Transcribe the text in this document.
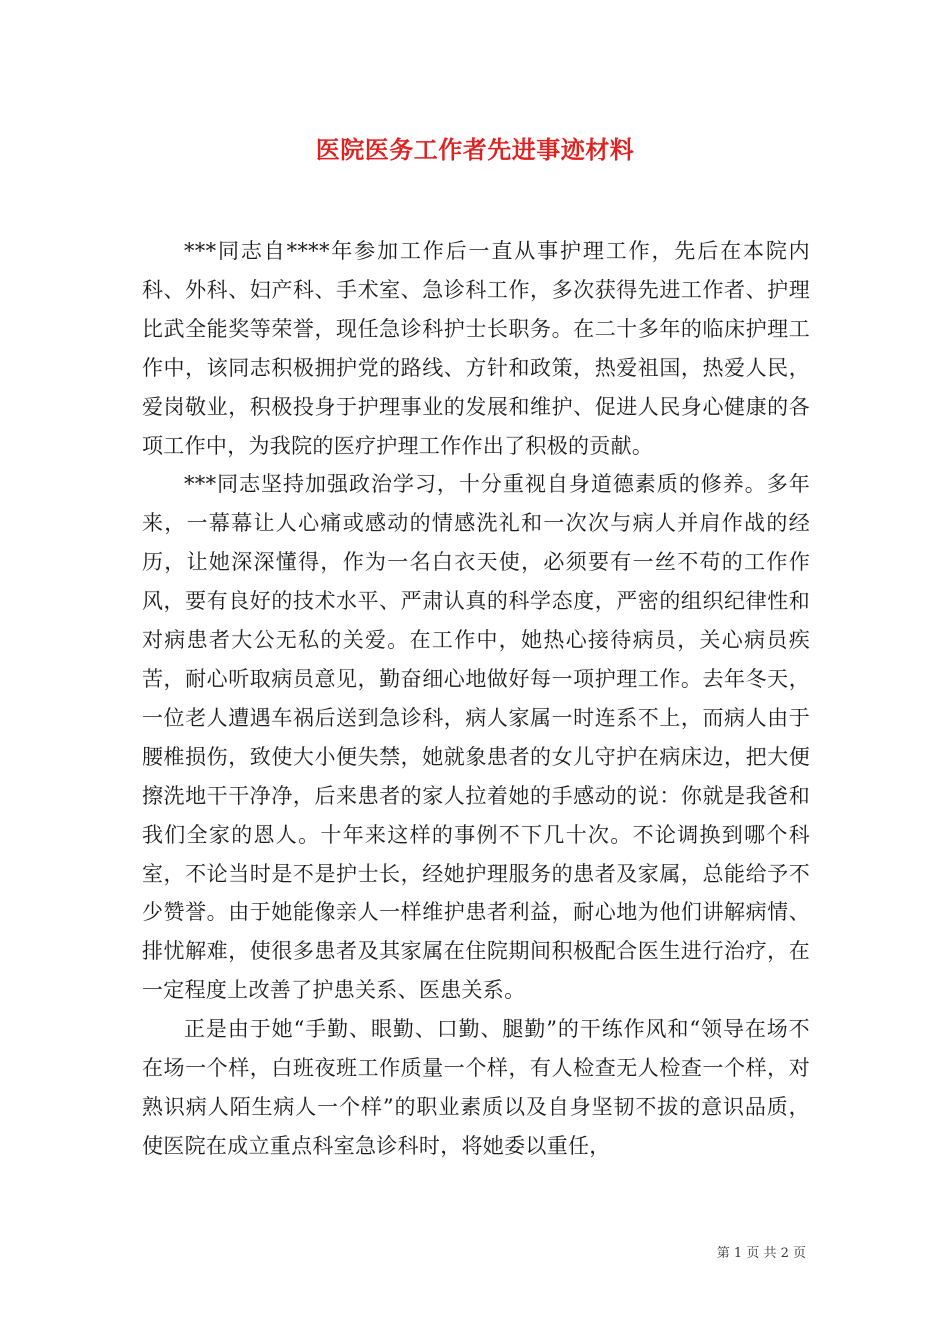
医院医务工作者先进事迹材料

***同志自****年参加工作后一直从事护理工作，先后在本院内科、外科、妇产科、手术室、急诊科工作，多次获得先进工作者、护理比武全能奖等荣誉，现任急诊科护士长职务。在二十多年的临床护理工作中，该同志积极拥护党的路线、方针和政策，热爱祖国，热爱人民，爱岗敬业，积极投身于护理事业的发展和维护、促进人民身心健康的各项工作中，为我院的医疗护理工作作出了积极的贡献。

***同志坚持加强政治学习，十分重视自身道德素质的修养。多年来，一幕幕让人心痛或感动的情感洗礼和一次次与病人并肩作战的经历，让她深深懂得，作为一名白衣天使，必须要有一丝不苟的工作作风，要有良好的技术水平、严肃认真的科学态度，严密的组织纪律性和对病患者大公无私的关爱。在工作中，她热心接待病员，关心病员疾苦，耐心听取病员意见，勤奋细心地做好每一项护理工作。去年冬天，一位老人遭遇车祸后送到急诊科，病人家属一时连系不上，而病人由于腰椎损伤，致使大小便失禁，她就象患者的女儿守护在病床边，把大便擦洗地干干净净，后来患者的家人拉着她的手感动的说：你就是我爸和我们全家的恩人。十年来这样的事例不下几十次。不论调换到哪个科室，不论当时是不是护士长，经她护理服务的患者及家属，总能给予不少赞誉。由于她能像亲人一样维护患者利益，耐心地为他们讲解病情、排忧解难，使很多患者及其家属在住院期间积极配合医生进行治疗，在一定程度上改善了护患关系、医患关系。

正是由于她“手勤、眼勤、口勤、腿勤”的干练作风和“领导在场不在场一个样，白班夜班工作质量一个样，有人检查无人检查一个样，对熟识病人陌生病人一个样”的职业素质以及自身坚韧不拔的意识品质，使医院在成立重点科室急诊科时，将她委以重任，

第 1 页 共 2 页
